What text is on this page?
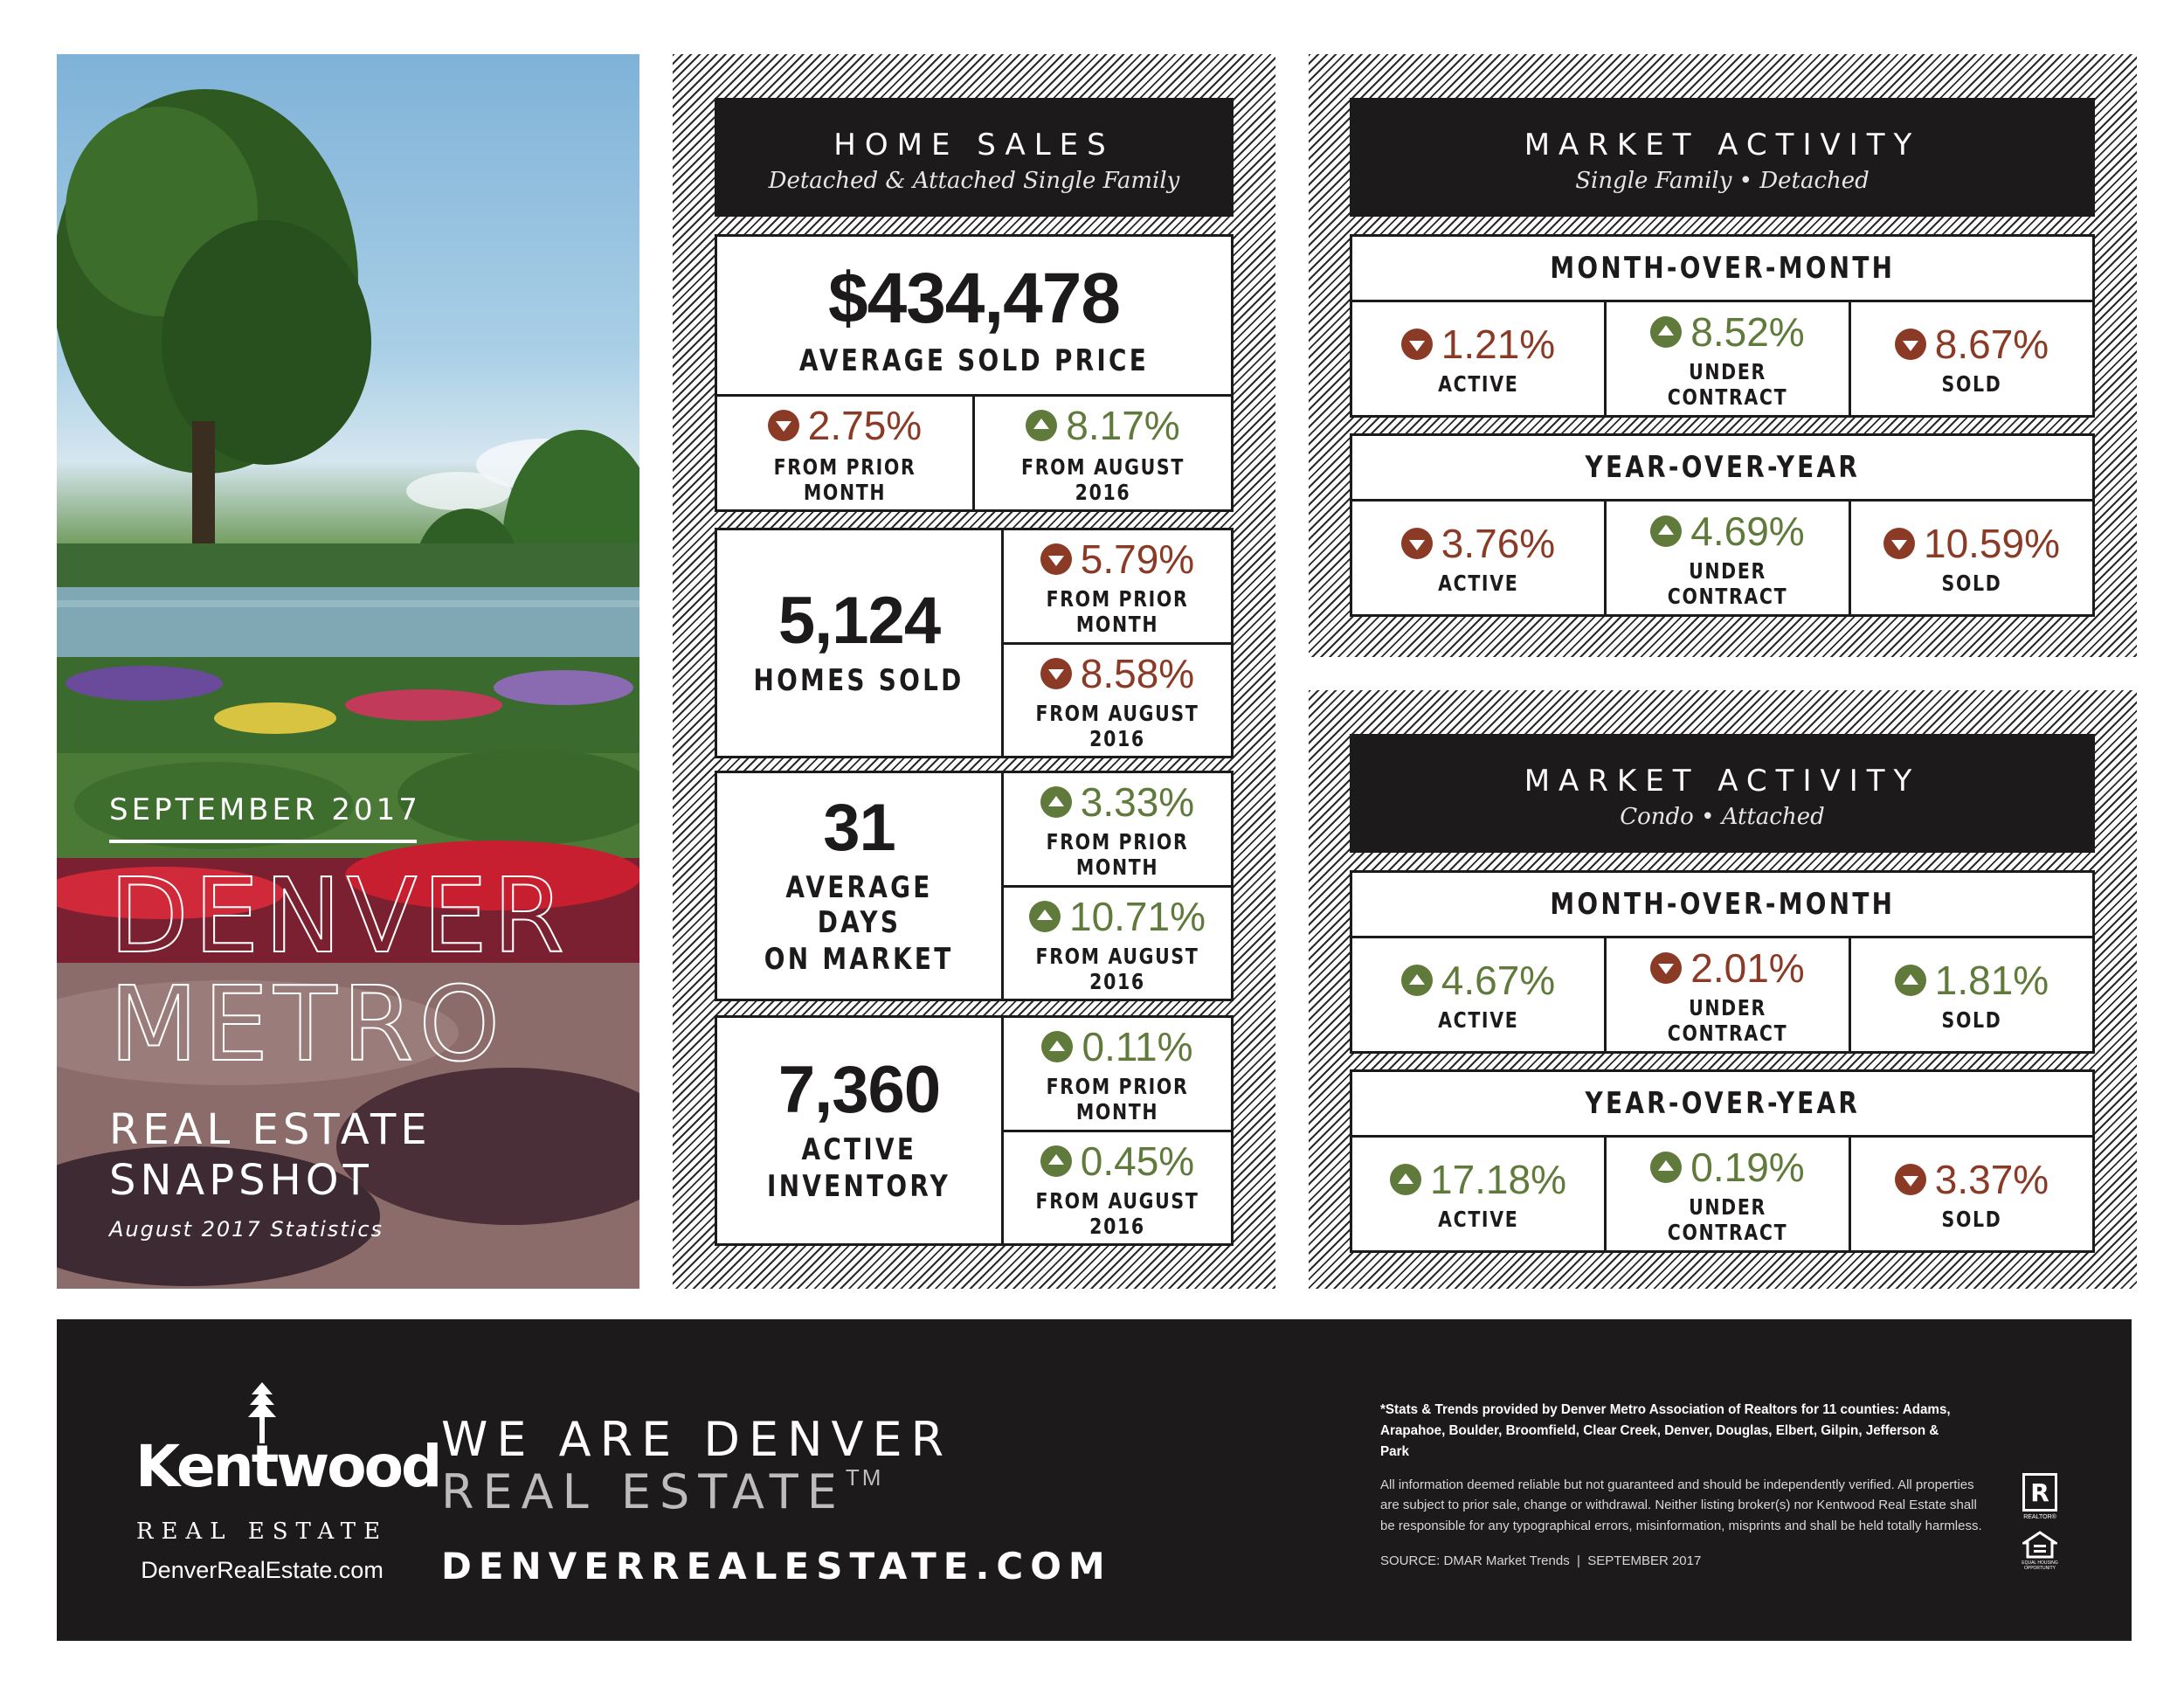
SEPTEMBER 2017
DENVER
METRO
REAL ESTATE
SNAPSHOT
August 2017 Statistics
HOME SALES
Detached & Attached Single Family
$434,478
AVERAGE SOLD PRICE
2.75%
FROM PRIOR MONTH
8.17%
FROM AUGUST 2016
5,124
HOMES SOLD
5.79%
FROM PRIOR MONTH
8.58%
FROM AUGUST 2016
31
AVERAGE DAYS
ON MARKET
3.33%
FROM PRIOR MONTH
10.71%
FROM AUGUST 2016
7,360
ACTIVE
INVENTORY
0.11%
FROM PRIOR MONTH
0.45%
FROM AUGUST 2016
MARKET ACTIVITY
Single Family • Detached
MONTH-OVER-MONTH
1.21%
ACTIVE
8.52%
UNDER CONTRACT
8.67%
SOLD
YEAR-OVER-YEAR
3.76%
ACTIVE
4.69%
UNDER CONTRACT
10.59%
SOLD
MARKET ACTIVITY
Condo • Attached
MONTH-OVER-MONTH
4.67%
ACTIVE
2.01%
UNDER CONTRACT
1.81%
SOLD
YEAR-OVER-YEAR
17.18%
ACTIVE
0.19%
UNDER CONTRACT
3.37%
SOLD
Kentwood
REAL ESTATE
DenverRealEstate.com
WE ARE DENVER
REAL ESTATE™
DENVERREALESTATE.COM
*Stats & Trends provided by Denver Metro Association of Realtors for 11 counties: Adams, Arapahoe, Boulder, Broomfield, Clear Creek, Denver, Douglas, Elbert, Gilpin, Jefferson & Park
All information deemed reliable but not guaranteed and should be independently verified. All properties are subject to prior sale, change or withdrawal. Neither listing broker(s) nor Kentwood Real Estate shall be responsible for any typographical errors, misinformation, misprints and shall be held totally harmless.
SOURCE: DMAR Market Trends  |  SEPTEMBER 2017
R
REALTOR®
EQUAL HOUSING OPPORTUNITY
